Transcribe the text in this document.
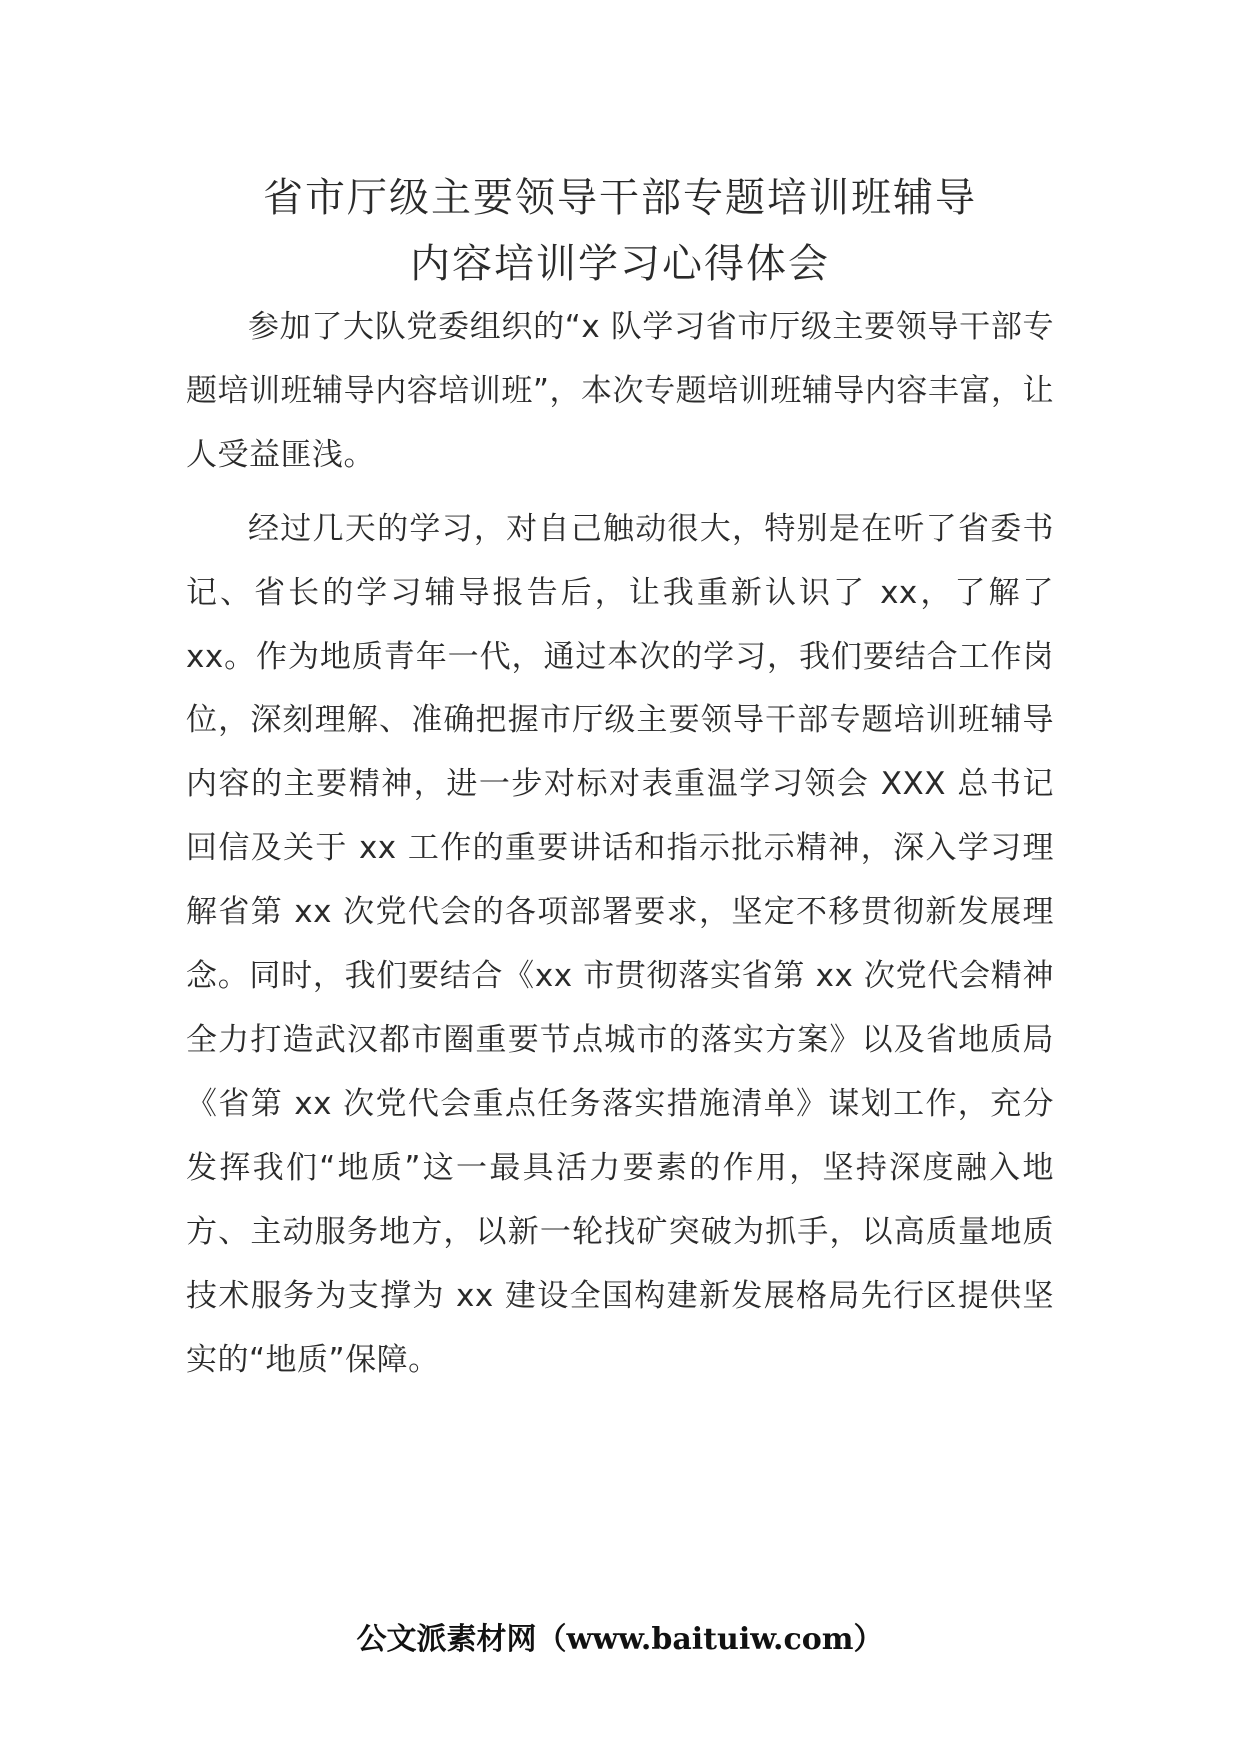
省市厅级主要领导干部专题培训班辅导
内容培训学习心得体会

参加了大队党委组织的“x 队学习省市厅级主要领导干部专题培训班辅导内容培训班”，本次专题培训班辅导内容丰富，让人受益匪浅。

经过几天的学习，对自己触动很大，特别是在听了省委书记、省长的学习辅导报告后，让我重新认识了 xx，了解了 xx。作为地质青年一代，通过本次的学习，我们要结合工作岗位，深刻理解、准确把握市厅级主要领导干部专题培训班辅导内容的主要精神，进一步对标对表重温学习领会 XXX 总书记回信及关于 xx 工作的重要讲话和指示批示精神，深入学习理解省第 xx 次党代会的各项部署要求，坚定不移贯彻新发展理念。同时，我们要结合《xx 市贯彻落实省第 xx 次党代会精神全力打造武汉都市圈重要节点城市的落实方案》以及省地质局《省第 xx 次党代会重点任务落实措施清单》谋划工作，充分发挥我们“地质”这一最具活力要素的作用，坚持深度融入地方、主动服务地方，以新一轮找矿突破为抓手，以高质量地质技术服务为支撑为 xx 建设全国构建新发展格局先行区提供坚实的“地质”保障。

公文派素材网（www.baituiw.com）
